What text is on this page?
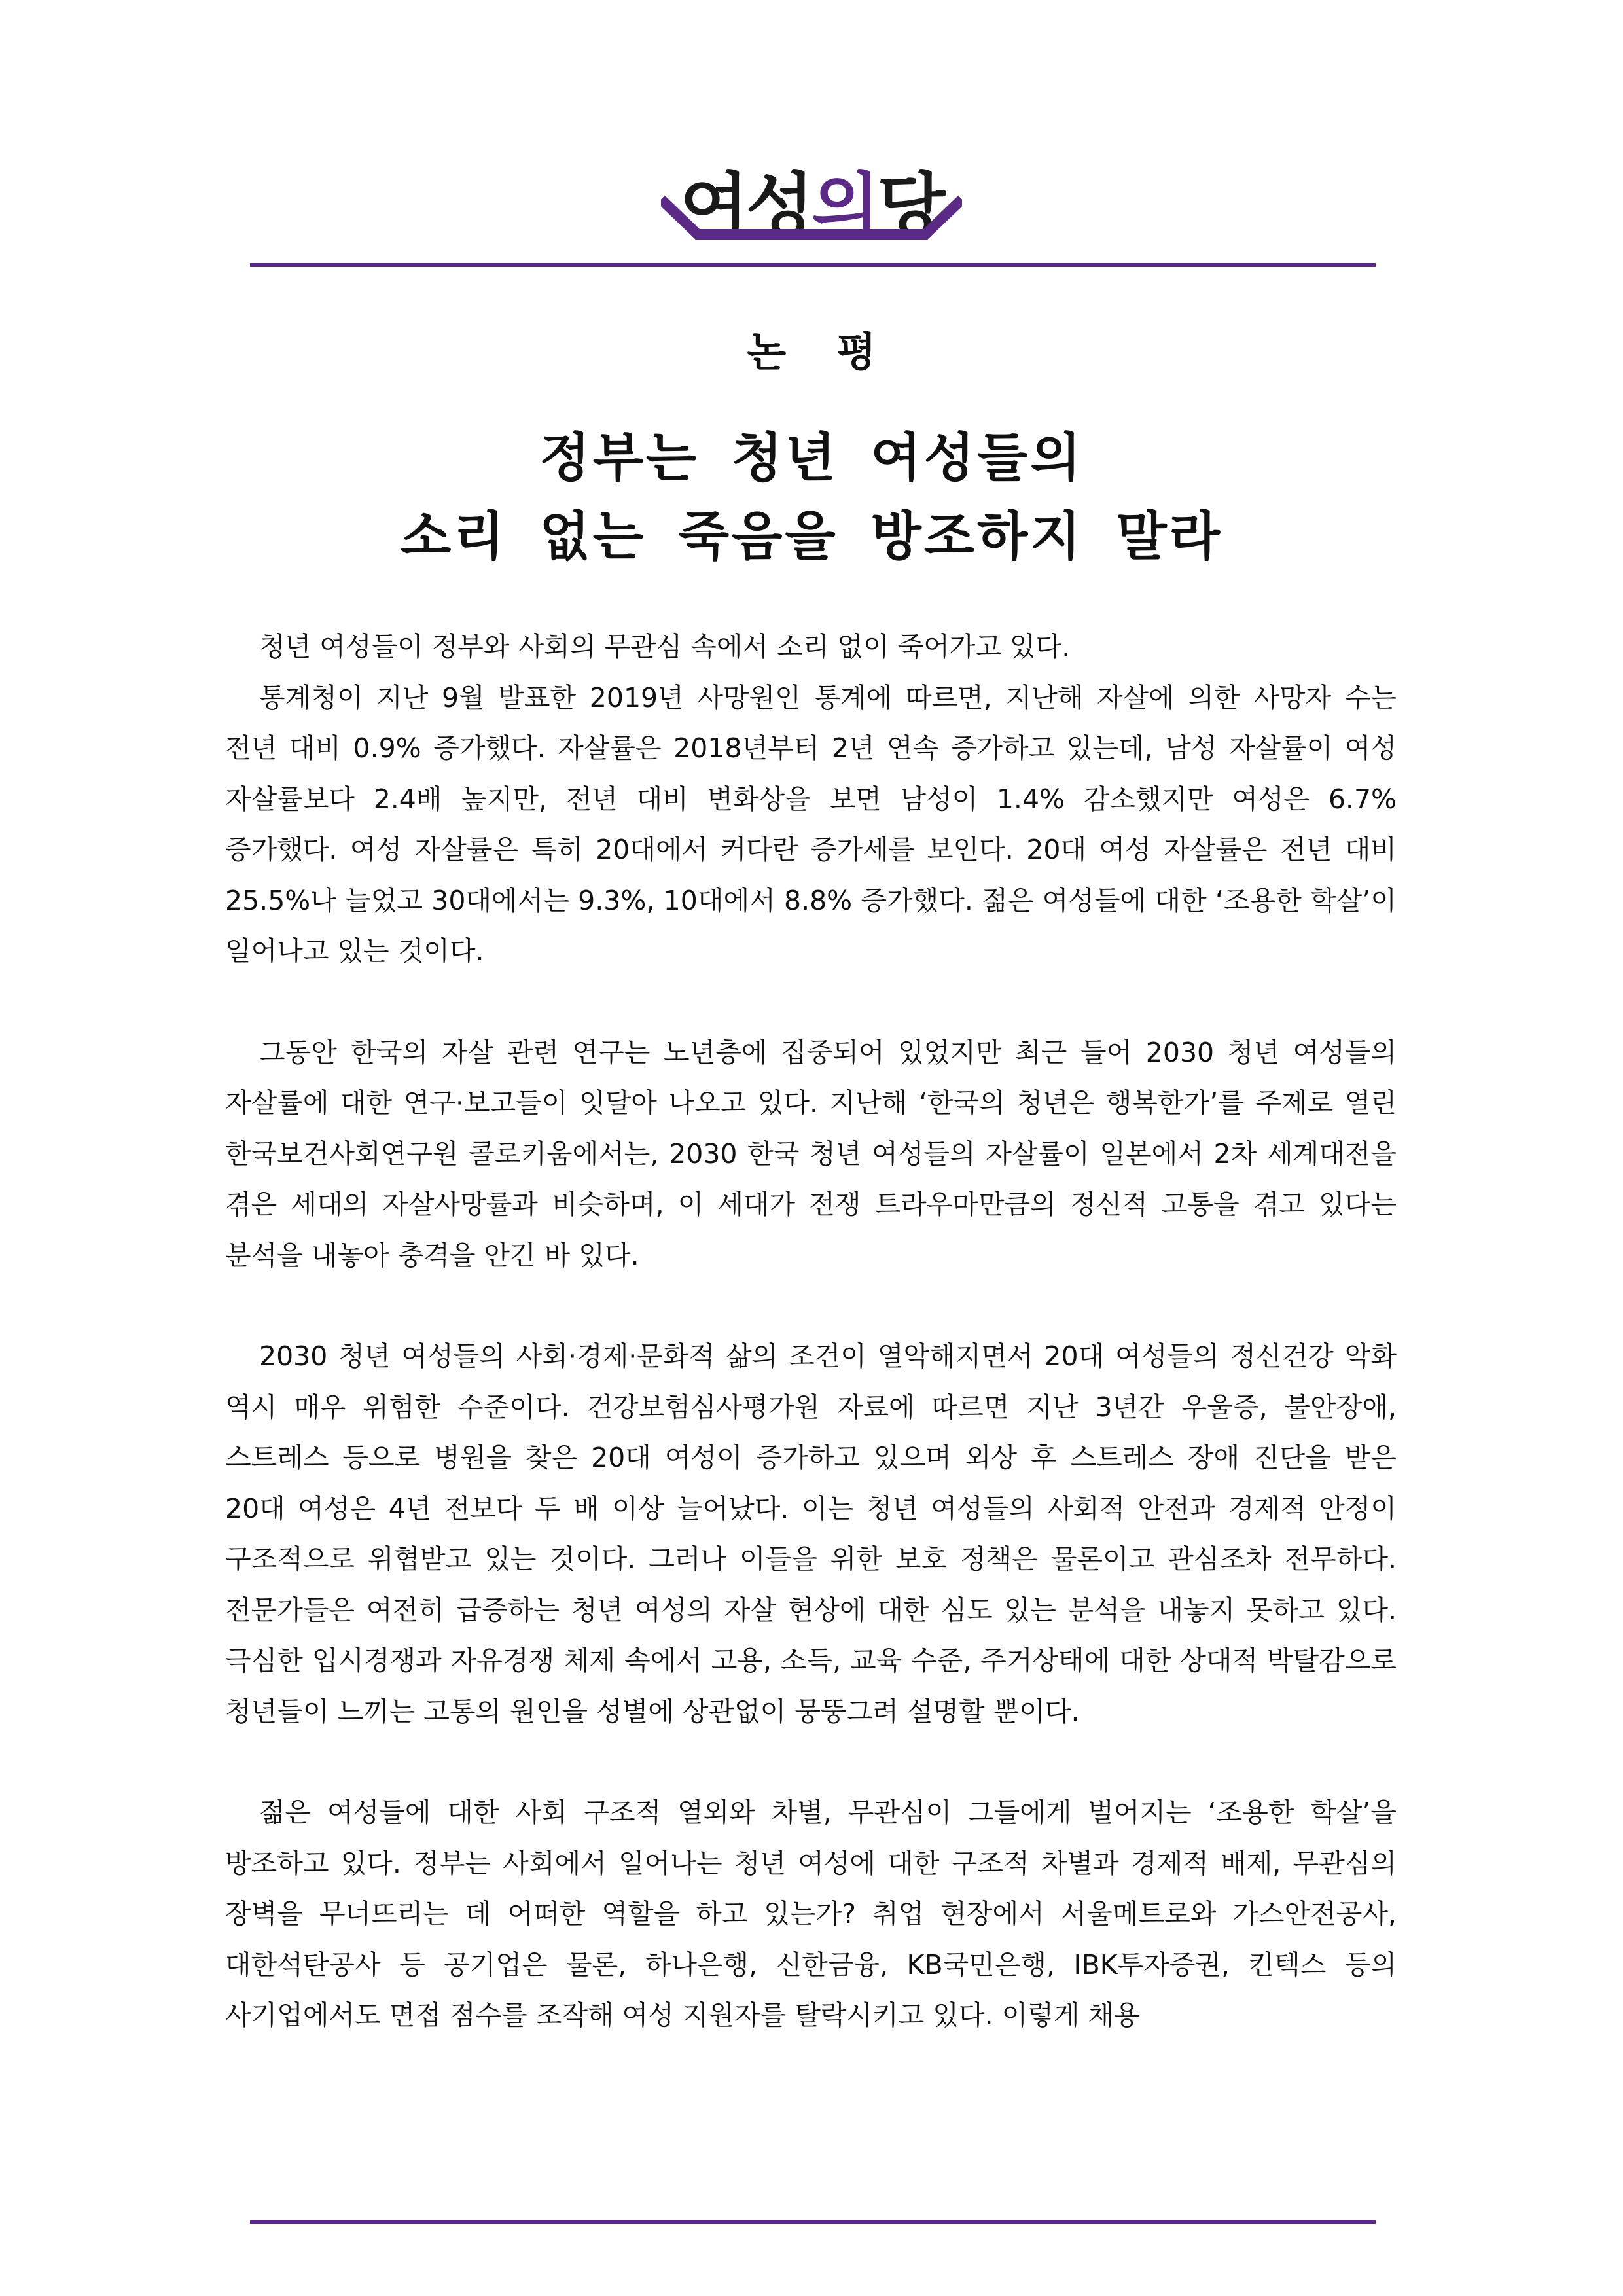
여성의당
논 평
정부는 청년 여성들의
소리 없는 죽음을 방조하지 말라

청년 여성들이 정부와 사회의 무관심 속에서 소리 없이 죽어가고 있다.

통계청이 지난 9월 발표한 2019년 사망원인 통계에 따르면, 지난해 자살에 의한 사망자 수는 전년 대비 0.9% 증가했다. 자살률은 2018년부터 2년 연속 증가하고 있는데, 남성 자살률이 여성 자살률보다 2.4배 높지만, 전년 대비 변화상을 보면 남성이 1.4% 감소했지만 여성은 6.7% 증가했다. 여성 자살률은 특히 20대에서 커다란 증가세를 보인다. 20대 여성 자살률은 전년 대비 25.5%나 늘었고 30대에서는 9.3%, 10대에서 8.8% 증가했다. 젊은 여성들에 대한 ‘조용한 학살’이 일어나고 있는 것이다.

그동안 한국의 자살 관련 연구는 노년층에 집중되어 있었지만 최근 들어 2030 청년 여성들의 자살률에 대한 연구·보고들이 잇달아 나오고 있다. 지난해 ‘한국의 청년은 행복한가’를 주제로 열린 한국보건사회연구원 콜로키움에서는, 2030 한국 청년 여성들의 자살률이 일본에서 2차 세계대전을 겪은 세대의 자살사망률과 비슷하며, 이 세대가 전쟁 트라우마만큼의 정신적 고통을 겪고 있다는 분석을 내놓아 충격을 안긴 바 있다.

2030 청년 여성들의 사회·경제·문화적 삶의 조건이 열악해지면서 20대 여성들의 정신건강 악화 역시 매우 위험한 수준이다. 건강보험심사평가원 자료에 따르면 지난 3년간 우울증, 불안장애, 스트레스 등으로 병원을 찾은 20대 여성이 증가하고 있으며 외상 후 스트레스 장애 진단을 받은 20대 여성은 4년 전보다 두 배 이상 늘어났다. 이는 청년 여성들의 사회적 안전과 경제적 안정이 구조적으로 위협받고 있는 것이다. 그러나 이들을 위한 보호 정책은 물론이고 관심조차 전무하다. 전문가들은 여전히 급증하는 청년 여성의 자살 현상에 대한 심도 있는 분석을 내놓지 못하고 있다. 극심한 입시경쟁과 자유경쟁 체제 속에서 고용, 소득, 교육 수준, 주거상태에 대한 상대적 박탈감으로 청년들이 느끼는 고통의 원인을 성별에 상관없이 뭉뚱그려 설명할 뿐이다.

젊은 여성들에 대한 사회 구조적 열외와 차별, 무관심이 그들에게 벌어지는 ‘조용한 학살’을 방조하고 있다. 정부는 사회에서 일어나는 청년 여성에 대한 구조적 차별과 경제적 배제, 무관심의 장벽을 무너뜨리는 데 어떠한 역할을 하고 있는가? 취업 현장에서 서울메트로와 가스안전공사, 대한석탄공사 등 공기업은 물론, 하나은행, 신한금융, KB국민은행, IBK투자증권, 킨텍스 등의 사기업에서도 면접 점수를 조작해 여성 지원자를 탈락시키고 있다. 이렇게 채용
